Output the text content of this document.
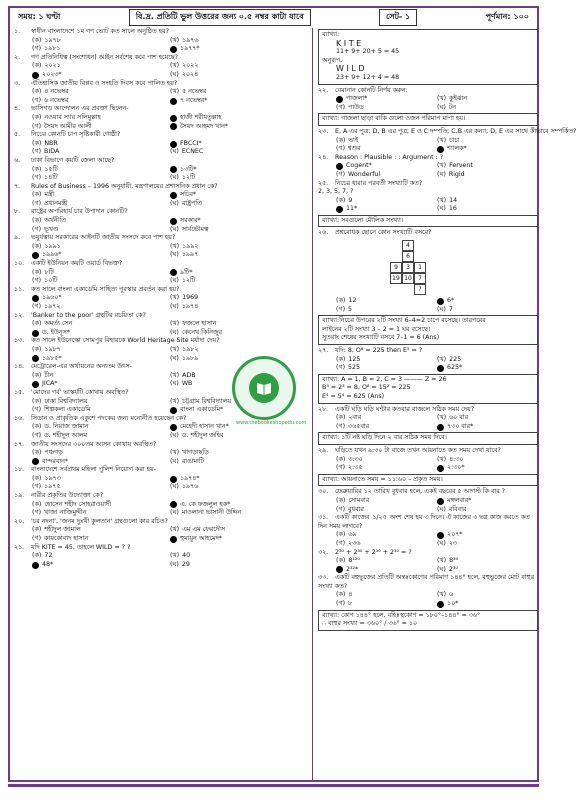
সময়: ১ ঘণ্টা	বি.দ্র. প্রতিটি ভুল উত্তরের জন্য ০.৫ নম্বর কাটা যাবে	সেট- ১	পূর্ণমান: ১০০
১.	স্বাধীন বাংলাদেশে ১ম গণ ভোট কত সালে অনুষ্ঠিত হয়?
(ক) ১৯৭৮	(খ) ১৯৭৬
(গ) ১৯৮১	১৯৭৭*
২.	গণ প্রতিনিধিত্ব (সংশোধন) আইন সর্বশেষ কবে পাশ হয়েছে?
(ক) ২০২১	(খ) ২০২২
২০২৩*	(ঘ) ২০২৪
৩.	ঐতিহাসিক জাতীয় বিপ্লব ও সংহতি দিবস কবে পালিত হয়?
(ক) ৪ নভেম্বর	(খ) ৫ নভেম্বর
(গ) ৬ নভেম্বর	৭ নভেম্বর*
৪.	ভাসিগড় আন্দোলন এর প্রবক্তা ছিলেন-
(ক) নওয়াব স্যার সলিমুল্লাহ	হাজী শরীয়তুল্লাহ
(গ) সৈয়দ আমীর আলী	সৈয়দ আহমদ খান*
৫.	নিচের কোনটি চাপ সৃষ্টিকারী গোষ্ঠী?
(ক) NBR	FBCCI*
(গ) BIDA	(ঘ) ECNEC
৬.	ঢাকা বিভাগে কয়টি জেলা আছে?
(ক) ১৫টি	১৩টি*
(গ) ১৪টি	(ঘ) ১২টি
৭.	Rules of Business – 1996 অনুযায়ী, মন্ত্রণালয়ের প্রশাসনিক প্রধান কে?
(ক) মন্ত্রী	সচিব*
(গ) প্রধানমন্ত্রী	(ঘ) রাষ্ট্রপতি
৮.	রাষ্ট্রের অপরিহার্য চার উপাদান কোনটি?
(ক) অর্থনীতি	সরকার*
(গ) ভূখণ্ড	(ঘ) সার্বভৌমত্ব
৯.	ভয়ুর্যত্বায় সরকারের আইনটি জাতীয় সংসদে কবে পাশ হয়?
(ক) ১৯৯১	(খ) ১৯৯২
১৯৯৬*	(ঘ) ১৯৯৭
১০.	একটি ইউনিয়ন কয়টি ওয়ার্ড বিভক্ত?
(ক) ৮টি	৯টি*
(গ) ১০টি	(ঘ) ১২টি
১১.	কত সালে বাংলা একাডেমি সাহিত্য পুরস্কার প্রবর্তন করা হয়?
১৯৬০*	(খ) 1969
(গ) ১৯৭২	(ঘ) ১৯৭৪
১২.	'Banker to the poor' গ্রন্থটির রচয়িতা কে?
(ক) অমর্ত্য সেন	(খ) ফজলে হাসান
ড. ইউনূস*	(ঘ) কেনেথ কিনিজুর
১৩.	কত সালে ইউনেস্কো সোমপুর বিহারকে World Heritage Site মর্যাদা দেয়?
(ক) ১৯৮৭	(খ) ১৯৮২
১৯৮৫*	(ঘ) ১৯৮৯
১৪.	মেট্রোরেল-এর অর্থায়নের অন্যতম উৎস-
(ক) চীন	(খ) ADB
JICA*	(ঘ) WB
১৫.	'মোদের গর্ব' ভাস্কর্যটি কোথায় অবস্থিত?
(ক) ঢাকা বিশ্ববিদ্যালয়	(খ) চট্টগ্রাম বিশ্ববিদ্যালয়
(গ) শিল্পকলা একাডেমি	বাংলা একাডেমি*
১৬.	সিডান ও প্রাকৃতিক একুশে পদকের জন্য মনোনীত হয়েছেন কে?
(ক) ড. নিয়াজ জামান	মেহেদী হাসান খান*
(গ) ড. শহীদুল আলম	(ঘ) ড. শহীদুল জহির
১৭.	জাতীয় সংসদের ৩০০তম আসন কোথায় অবস্থিত?
(ক) পঞ্চগড়	(খ) খাগড়াছড়ি
বান্দরবান*	(ঘ) রাঙামাটি
১৮.	বাংলাদেশে সর্বপ্রথম মহিলা পুলিশ নিয়োগ করা হয়-
(ক) ১৯৭৩	১৯৭৪*
(গ) ১৯৭৫	(ঘ) ১৯৭৬
১৯.	নারীর প্রকৃতির উদ্যোক্তা কে?
(ক) হোসেন শহীদ সোহরাওয়ার্দী	এ. কে ফজলুল হক*
(গ) খাজা নাজিমুদ্দীন	(ঘ) মাওলানা ভাসানী উদ্দিন
২০.	'চর নদনা', 'জনম দুঃখী কুলতান' গ্রন্থগুলো কার রচিত?
(ক) শহীদুল জামাল	(খ) এম এম ফেরদৌস
(গ) কায়কোবাদ হাসান	হুমায়ুন আহমেদ*
২১.	যদি KITE = 45, তাহলে WILD = ? ?
(ক) 72	(খ) 40
48*	(ঘ) 29
ব্যাখ্যা:
K I T E
11+ 9+ 20+ 5 = 45
অনুরূপ,
W I L D
23+ 9+ 12+ 4 = 48
২২.	বেমানান কোনটি নির্ণয় করুন:
গাজলা*	(খ) কুইঝান
(গ) পাউড	(ঘ) টন
ব্যাখ্যা: গাজলা ছাড়া বাকি গুলো ওজন পরিমাপ মাপা হয়।
২৩.	E, A এর পুত্র; D, B এর পুত্র; E ও C দম্পতি; C,B এর কন্যা; D, E এর সাথে কীভাবে সম্পর্কিত?
(ক) ভাই	(খ) চাচা
(গ) শ্বশুর	শ্যালক*
২৪.	Reason : Plausible : : Argument : ?
Cogent*	(খ) Fervent
(গ) Wonderful	(ঘ) Rigid
২৫.	নিচের ধারার পরবর্তী সংখ্যাটি কত?
2, 3, 5, 7, ?
(ক) 9	(খ) 14
11*	(ঘ) 16
ব্যাখ্যা: সবগুলো মৌলিক সংখ্যা।
২৬.	প্রশ্নবোধক ছোনে কোন সংখ্যাটি বসবে?
4
6
9	3	1
19 10	7
?
(ক) 12	6*
(গ) 5	(ঘ) 7
ব্যাখ্যা:নিচের উপরের ২টি সংখ্যা 6–4=2 চাপে বসেছে। তারপরের
লাইনের ২টি সংখ্যা 3 – 2 = 1 ঘর বসেছে।
সুতরাং শেষের সংখ্যাটি বসবে 7–1 = 6 (Ans)
২৭.	যদি: 8, O⁸ = 225 then E⁵ = ?
(ক) 125	(খ) 225
(গ) 525	625*
ব্যাখ্যা: A = 1, B = 2, C = 3 ——— Z = 26
B³ = 2³ = 8, O⁸ = 15² = 225
E⁴ = 5⁴ = 625 (Ans)
২৮.	একটি ঘড়ি ঘড়ি ঘন্টার কতবার বাজলে সঠিক সময় দেয়?
(ক) ২বার	(খ) ৬০ বার
(গ) ৩৬৫বার	৭৩০ বার*
ব্যাখ্যা: ১টি নষ্ট ঘড়ি দিনে ২ বার সঠিক সময় দিবে।
২৯.	ঘড়িতে যখন ৯:৩০ টা বাজে তখন আয়নাতে কত সময় দেখা যাবে?
(ক) ৩:৩০	(খ) ৪:৩০
(গ) ২:৩৫	২:৩০*
ব্যাখ্যা: আয়নাতে সময় = ১১:৬০ – প্রকৃত সময়।
৩০.	ফেব্রুয়ারির ১২ তারিখ বুধবার হলে, একই বছরের ৫ আগস্ট কি বার ?
(ক) সোমবার	মঙ্গলবার*
(গ) বুধবার	(ঘ) রবিবার
৩১.	একটি কাজের ১/২৫ অংশ শেষ হয় ৩ দিনে। ঐ কাজের ৩ ভগ্ন কাজ করতে কত
দিন সময় লাগবে?
(ক) ৬৯	২০৭*
(গ) ২৩৬	(ঘ) ২৩
৩২.	2³⁰ + 2³⁰ + 2³⁰ + 2³⁰ = ?
(ক) 8¹²⁰	(খ) 8³⁰
2³²*	(ঘ) 2³⁰
৩৩.	একটি বহুভুজের প্রতিটি অন্তঃকোণের পরিমাণ ১৪৪° হলে, বহুভুজের মোট বাহুর
সংখ্যা কত?
(ক) ৪	(খ) ৬
(গ) ৮	১০*
ব্যাখ্যা: কোণ ১৪৪° হলে, বহিঃস্থকোণ = ১৮০°–১৪৪° = ৩৬°
∴ বাহুর সংখ্যা = ৩৬০° / ৩৬° = ১০
www.thebookeshopedu.com
